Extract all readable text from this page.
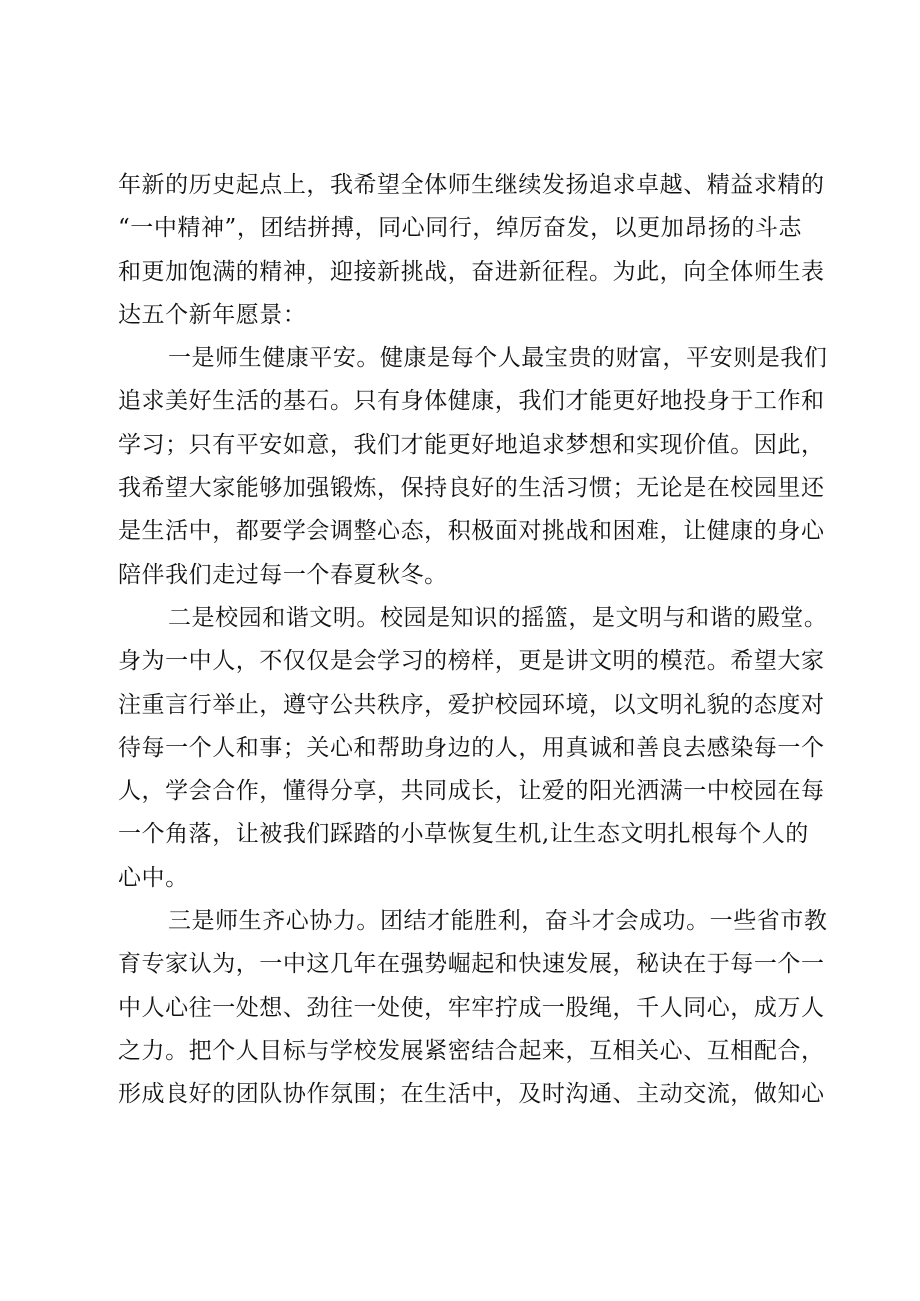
年新的历史起点上，我希望全体师生继续发扬追求卓越、精益求精的
“一中精神”，团结拼搏，同心同行，绰厉奋发，以更加昂扬的斗志
和更加饱满的精神，迎接新挑战，奋进新征程。为此，向全体师生表
达五个新年愿景：
一是师生健康平安。健康是每个人最宝贵的财富，平安则是我们
追求美好生活的基石。只有身体健康，我们才能更好地投身于工作和
学习；只有平安如意，我们才能更好地追求梦想和实现价值。因此，
我希望大家能够加强锻炼，保持良好的生活习惯；无论是在校园里还
是生活中，都要学会调整心态，积极面对挑战和困难，让健康的身心
陪伴我们走过每一个春夏秋冬。
二是校园和谐文明。校园是知识的摇篮，是文明与和谐的殿堂。
身为一中人，不仅仅是会学习的榜样，更是讲文明的模范。希望大家
注重言行举止，遵守公共秩序，爱护校园环境，以文明礼貌的态度对
待每一个人和事；关心和帮助身边的人，用真诚和善良去感染每一个
人，学会合作，懂得分享，共同成长，让爱的阳光洒满一中校园在每
一个角落，让被我们踩踏的小草恢复生机,让生态文明扎根每个人的
心中。
三是师生齐心协力。团结才能胜利，奋斗才会成功。一些省市教
育专家认为，一中这几年在强势崛起和快速发展，秘诀在于每一个一
中人心往一处想、劲往一处使，牢牢拧成一股绳，千人同心，成万人
之力。把个人目标与学校发展紧密结合起来，互相关心、互相配合，
形成良好的团队协作氛围；在生活中，及时沟通、主动交流，做知心
